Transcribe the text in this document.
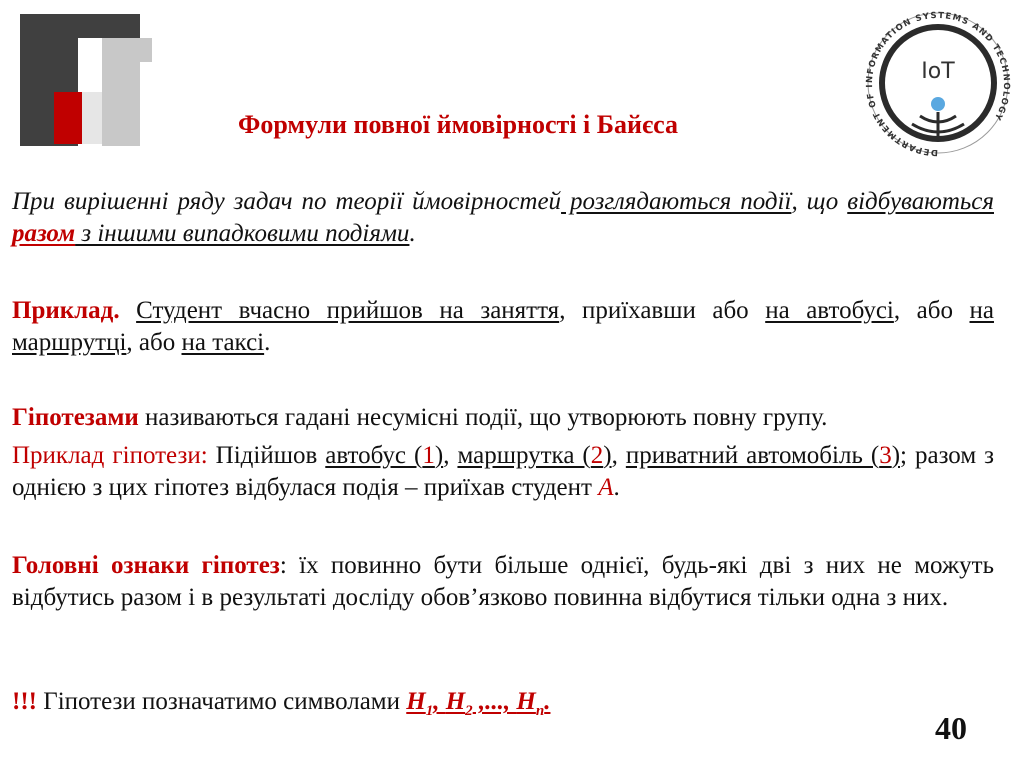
DEPARTMENT OF INFORMATION SYSTEMS AND TECHNOLOGY
IoT
Формули повної ймовірності і Байєса
При вирішенні ряду задач по теорії ймовірностей розглядаються події, що відбуваються разом з іншими випадковими подіями.
Приклад. Студент вчасно прийшов на заняття, приїхавши або на автобусі, або на маршрутці, або на таксі.
Гіпотезами називаються гадані несумісні події, що утворюють повну групу.
Приклад гіпотези: Підійшов автобус (1), маршрутка (2), приватний автомобіль (3); разом з однією з цих гіпотез відбулася подія – приїхав студент A.
Головні ознаки гіпотез: їх повинно бути більше однієї, будь-які дві з них не можуть відбутись разом і в результаті досліду обов’язково повинна відбутися тільки одна з них.
!!! Гіпотези позначатимо символами $H_1$, $H_2$ ,..., $H_n$.
40
